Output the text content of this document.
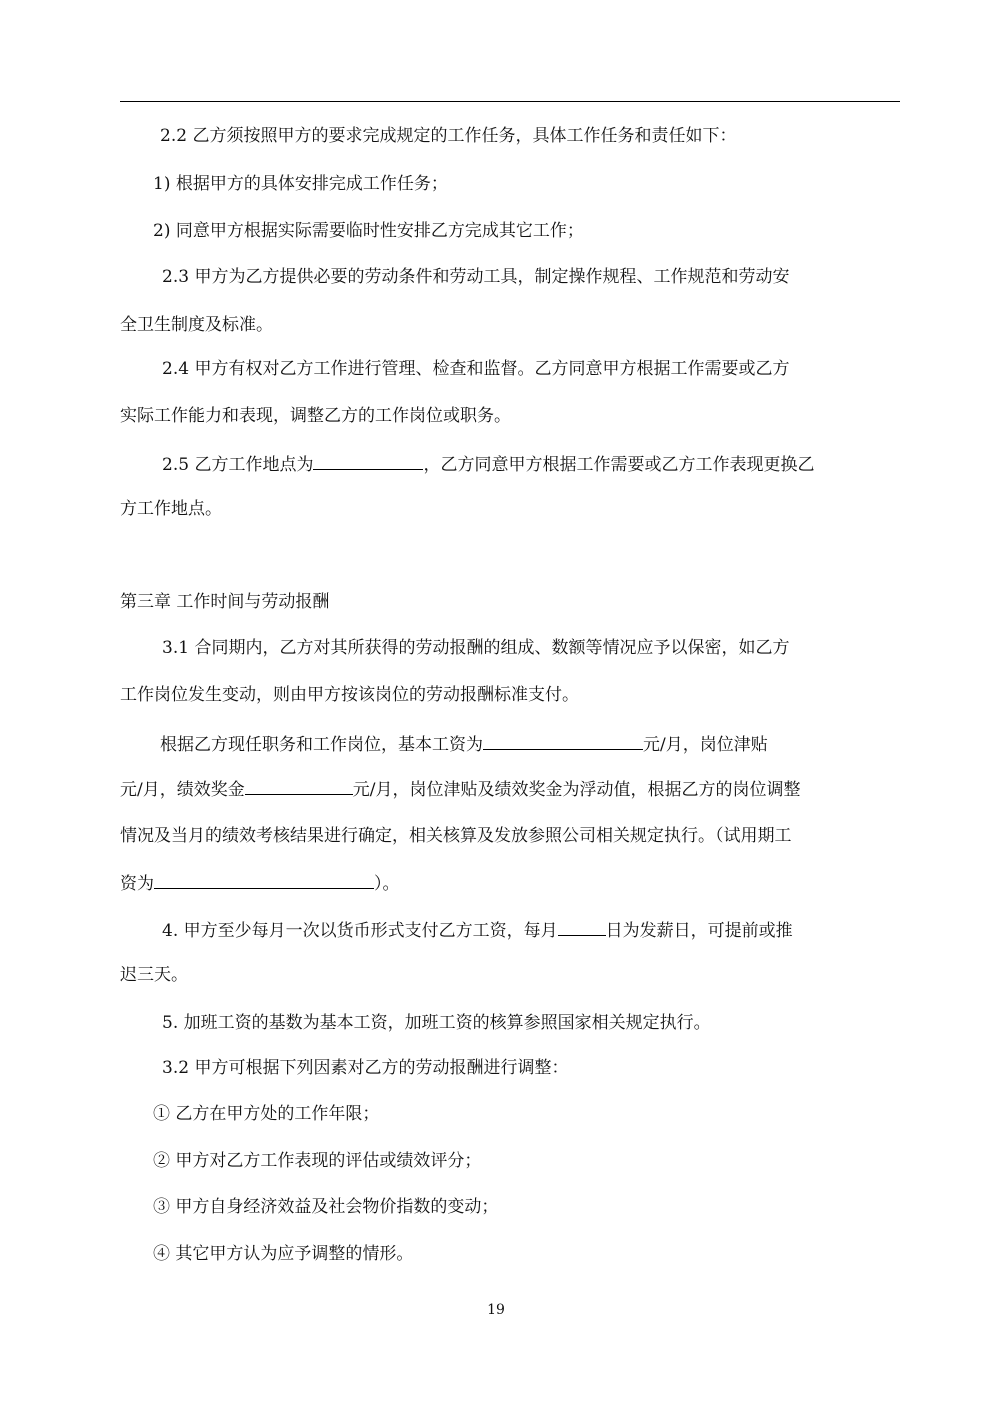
2.2 乙方须按照甲方的要求完成规定的工作任务，具体工作任务和责任如下：
1) 根据甲方的具体安排完成工作任务；
2) 同意甲方根据实际需要临时性安排乙方完成其它工作；
2.3 甲方为乙方提供必要的劳动条件和劳动工具，制定操作规程、工作规范和劳动安
全卫生制度及标准。
2.4 甲方有权对乙方工作进行管理、检查和监督。乙方同意甲方根据工作需要或乙方
实际工作能力和表现，调整乙方的工作岗位或职务。
2.5 乙方工作地点为	，乙方同意甲方根据工作需要或乙方工作表现更换乙
方工作地点。
第三章 工作时间与劳动报酬
3.1 合同期内，乙方对其所获得的劳动报酬的组成、数额等情况应予以保密，如乙方
工作岗位发生变动，则由甲方按该岗位的劳动报酬标准支付。
根据乙方现任职务和工作岗位，基本工资为	元/月，岗位津贴
元/月，绩效奖金	元/月，岗位津贴及绩效奖金为浮动值，根据乙方的岗位调整
情况及当月的绩效考核结果进行确定，相关核算及发放参照公司相关规定执行。（试用期工
资为	）。
4. 甲方至少每月一次以货币形式支付乙方工资，每月	日为发薪日，可提前或推
迟三天。
5. 加班工资的基数为基本工资，加班工资的核算参照国家相关规定执行。
3.2 甲方可根据下列因素对乙方的劳动报酬进行调整：
① 乙方在甲方处的工作年限；
② 甲方对乙方工作表现的评估或绩效评分；
③ 甲方自身经济效益及社会物价指数的变动；
④ 其它甲方认为应予调整的情形。
19
